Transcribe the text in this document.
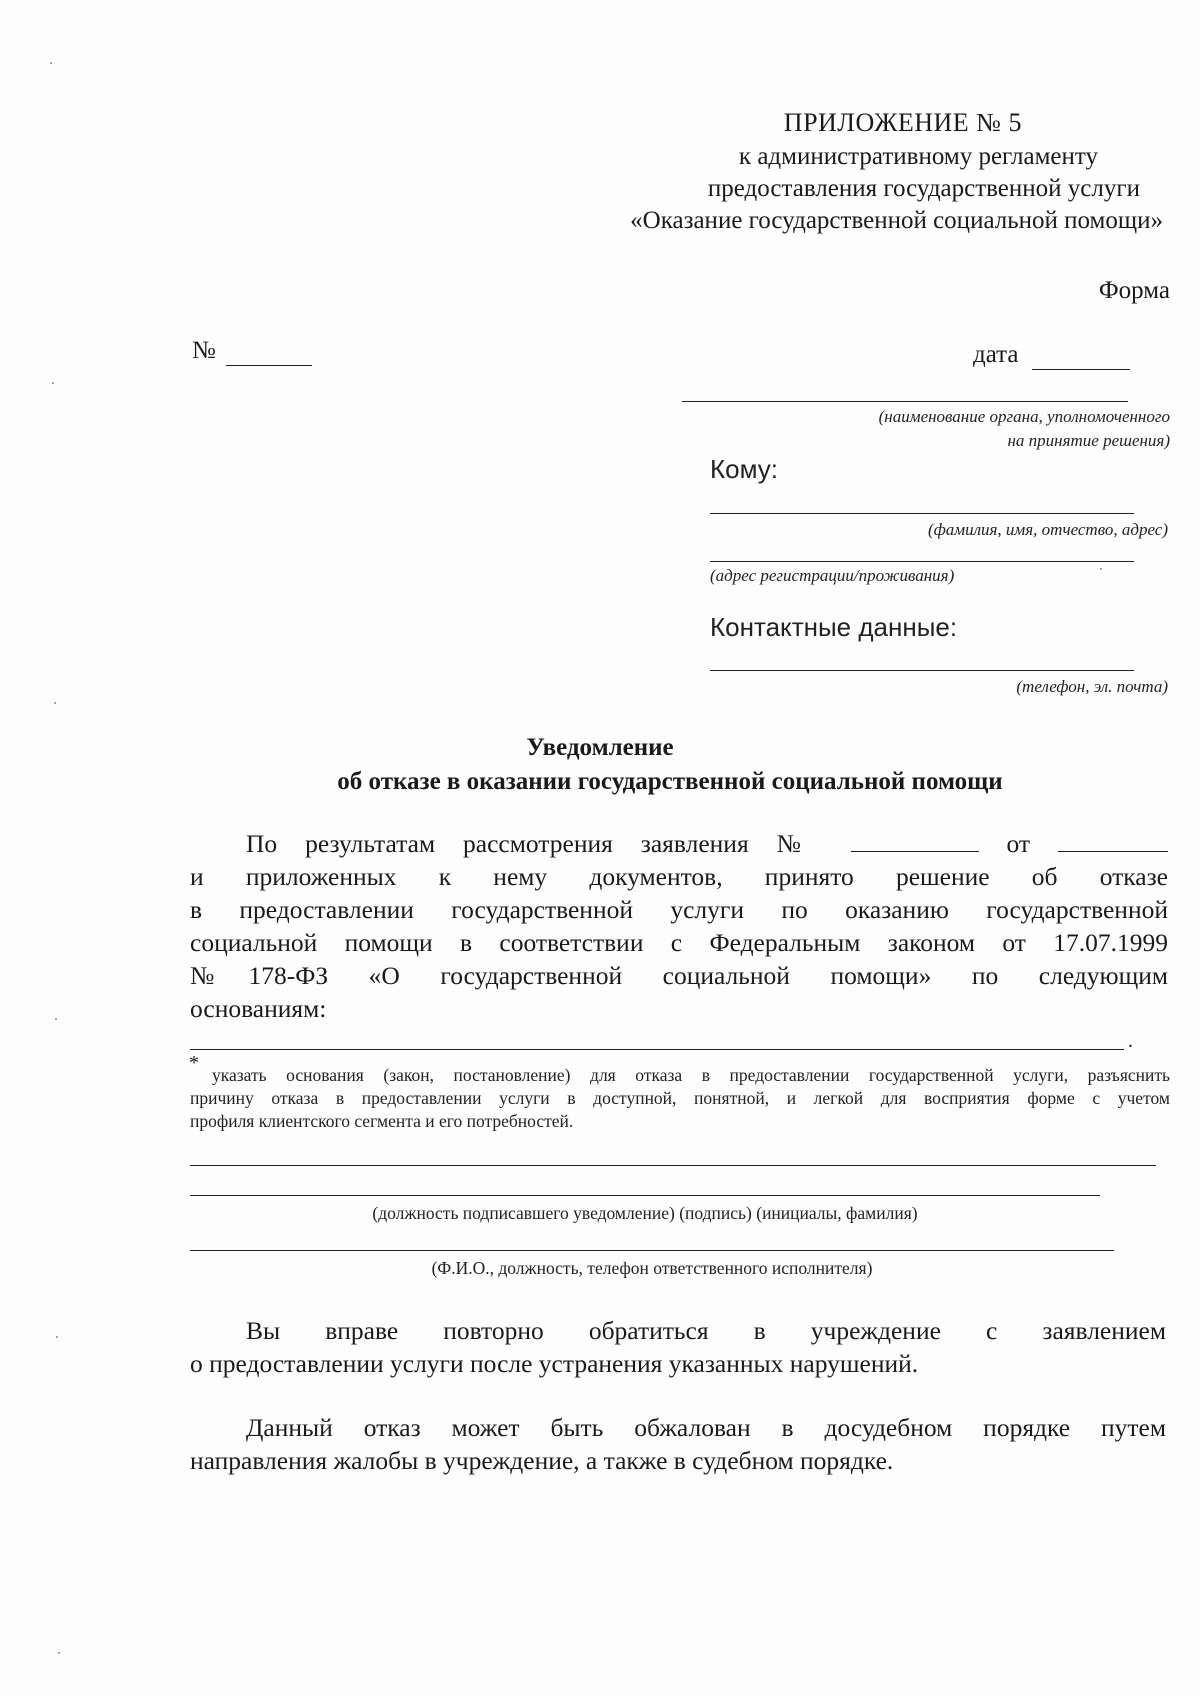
ПРИЛОЖЕНИЕ № 5
к административному регламенту
предоставления государственной услуги
«Оказание государственной социальной помощи»
Форма
№	дата
(наименование органа, уполномоченного
на принятие решения)
Кому:
(фамилия, имя, отчество, адрес)
(адрес регистрации/проживания)
Контактные данные:
(телефон, эл. почта)
Уведомление
об отказе в оказании государственной социальной помощи
По результатам рассмотрения заявления №	от
и приложенных к нему документов, принято решение об отказе
в предоставлении государственной услуги по оказанию государственной
социальной помощи в соответствии с Федеральным законом от 17.07.1999
№178-ФЗ «О государственной социальной помощи» по следующим
основаниям:
.
*
указать основания (закон, постановление) для отказа в предоставлении государственной услуги, разъяснить
причину отказа в предоставлении услуги в доступной, понятной, и легкой для восприятия форме с учетом
профиля клиентского сегмента и его потребностей.
(должность подписавшего уведомление) (подпись) (инициалы, фамилия)
(Ф.И.О., должность, телефон ответственного исполнителя)
Вы вправе повторно обратиться в учреждение с заявлением
о предоставлении услуги после устранения указанных нарушений.
Данный отказ может быть обжалован в досудебном порядке путем
направления жалобы в учреждение, а также в судебном порядке.
